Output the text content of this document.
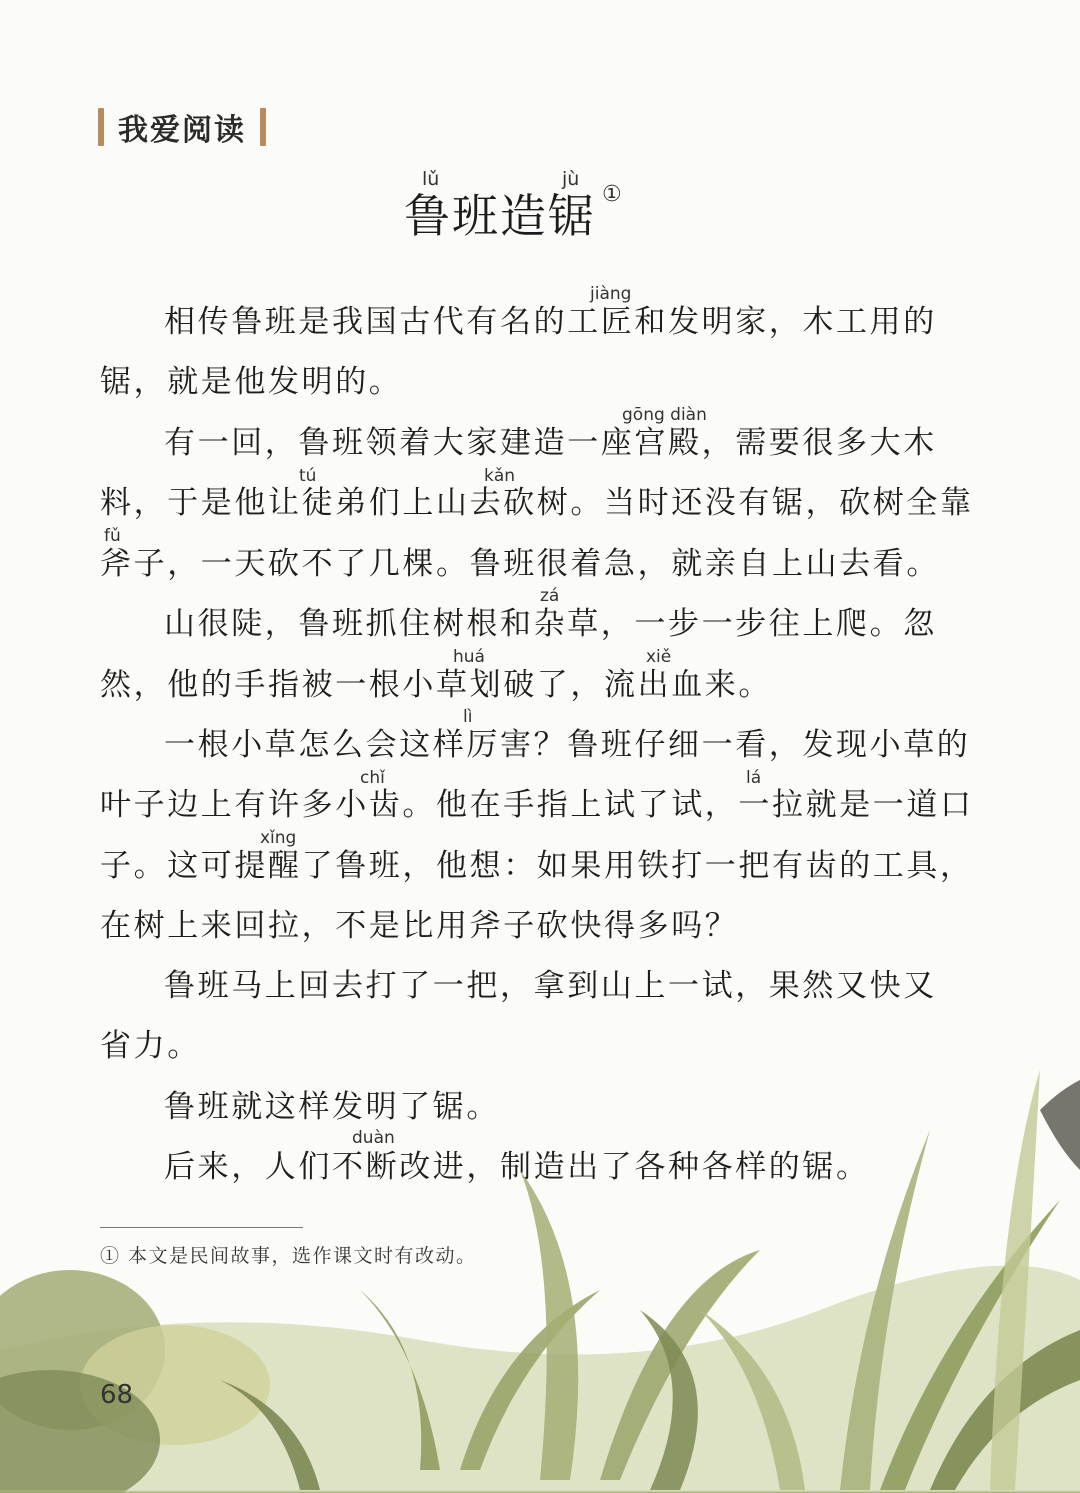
我爱阅读
lǔ	jù
鲁班造锯 ①
jiàng
相传鲁班是我国古代有名的工匠和发明家，木工用的
锯，就是他发明的。
gōng diàn
有一回，鲁班领着大家建造一座宫殿，需要很多大木
tú	kǎn
料，于是他让徒弟们上山去砍树。当时还没有锯，砍树全靠
fǔ
斧子，一天砍不了几棵。鲁班很着急，就亲自上山去看。
zá
山很陡，鲁班抓住树根和杂草，一步一步往上爬。忽
huá	xiě
然，他的手指被一根小草划破了，流出血来。
lì
一根小草怎么会这样厉害？鲁班仔细一看，发现小草的
chǐ	lá
叶子边上有许多小齿。他在手指上试了试，一拉就是一道口
xǐng
子。这可提醒了鲁班，他想：如果用铁打一把有齿的工具，
在树上来回拉，不是比用斧子砍快得多吗？
鲁班马上回去打了一把，拿到山上一试，果然又快又
省力。
鲁班就这样发明了锯。
duàn
后来，人们不断改进，制造出了各种各样的锯。
① 本文是民间故事，选作课文时有改动。
68
